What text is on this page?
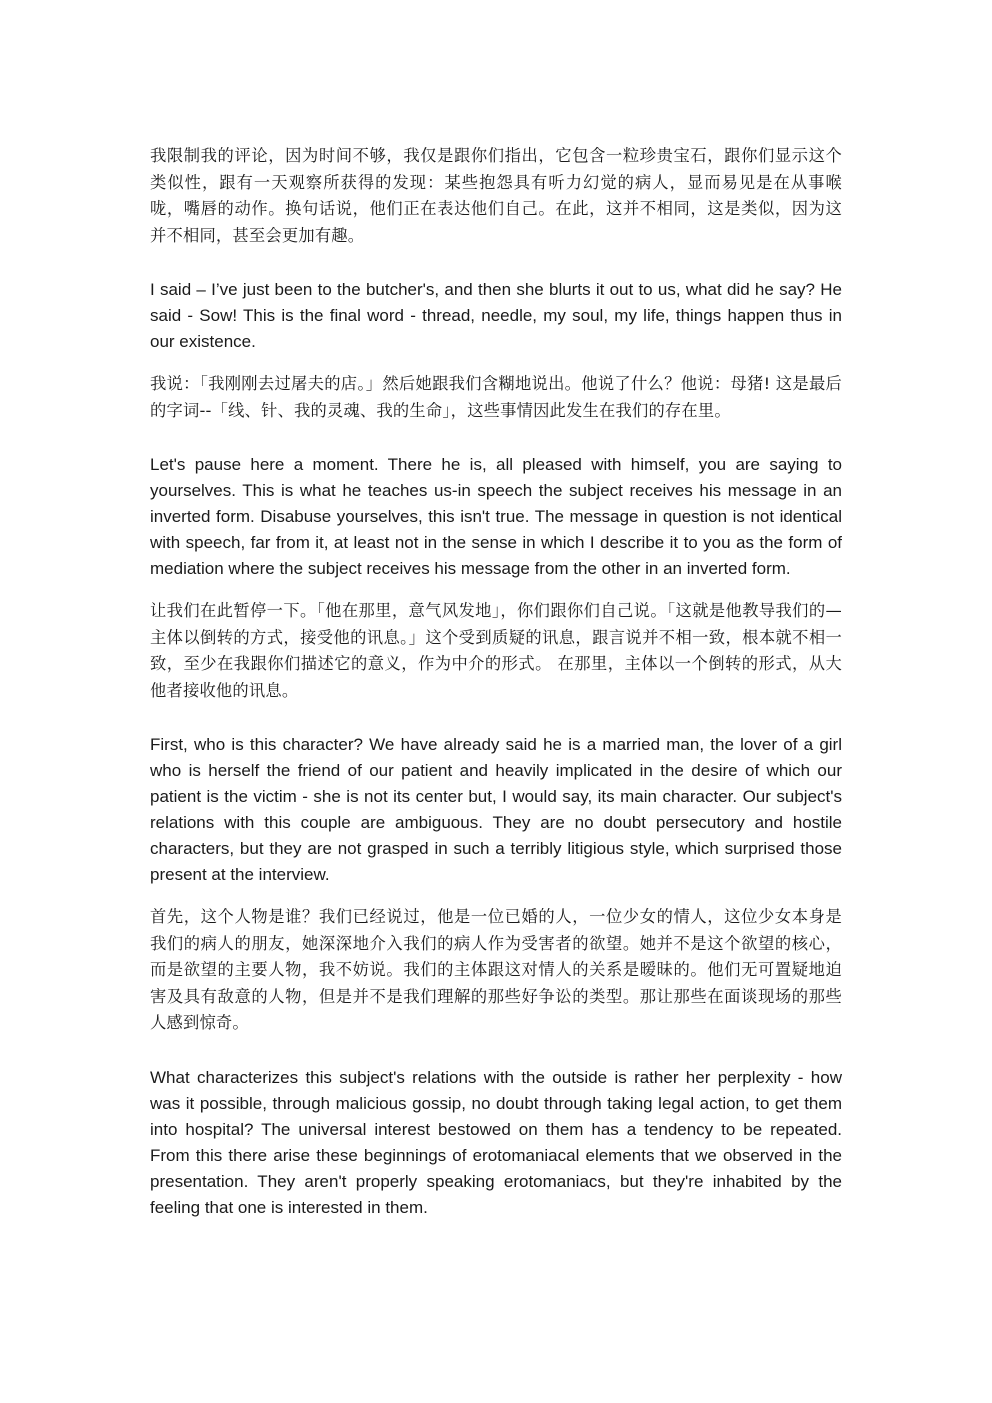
我限制我的评论，因为时间不够，我仅是跟你们指出，它包含一粒珍贵宝石，跟你们显示这个类似性，跟有一天观察所获得的发现：某些抱怨具有听力幻觉的病人，显而易见是在从事喉咙，嘴唇的动作。换句话说，他们正在表达他们自己。在此，这并不相同，这是类似，因为这并不相同，甚至会更加有趣。

I said – I’ve just been to the butcher's, and then she blurts it out to us, what did he say? He said - Sow! This is the final word - thread, needle, my soul, my life, things happen thus in our existence.

我说：「我刚刚去过屠夫的店。」然后她跟我们含糊地说出。他说了什么？他说：母猪! 这是最后的字词--「线、针、我的灵魂、我的生命」，这些事情因此发生在我们的存在里。

Let's pause here a moment. There he is, all pleased with himself, you are saying to yourselves. This is what he teaches us-in speech the subject receives his message in an inverted form. Disabuse yourselves, this isn't true. The message in question is not identical with speech, far from it, at least not in the sense in which I describe it to you as the form of mediation where the subject receives his message from the other in an inverted form.

让我们在此暂停一下。「他在那里，意气风发地」，你们跟你们自己说。「这就是他教导我们的—主体以倒转的方式，接受他的讯息。」这个受到质疑的讯息，跟言说并不相一致，根本就不相一致，至少在我跟你们描述它的意义，作为中介的形式。 在那里，主体以一个倒转的形式，从大他者接收他的讯息。

First, who is this character? We have already said he is a married man, the lover of a girl who is herself the friend of our patient and heavily implicated in the desire of which our patient is the victim - she is not its center but, I would say, its main character. Our subject's relations with this couple are ambiguous. They are no doubt persecutory and hostile characters, but they are not grasped in such a terribly litigious style, which surprised those present at the interview.

首先，这个人物是谁？我们已经说过，他是一位已婚的人，一位少女的情人，这位少女本身是我们的病人的朋友，她深深地介入我们的病人作为受害者的欲望。她并不是这个欲望的核心，而是欲望的主要人物，我不妨说。我们的主体跟这对情人的关系是暧昧的。他们无可置疑地迫害及具有敌意的人物，但是并不是我们理解的那些好争讼的类型。那让那些在面谈现场的那些人感到惊奇。

What characterizes this subject's relations with the outside is rather her perplexity - how was it possible, through malicious gossip, no doubt through taking legal action, to get them into hospital? The universal interest bestowed on them has a tendency to be repeated. From this there arise these beginnings of erotomaniacal elements that we observed in the presentation. They aren't properly speaking erotomaniacs, but they're inhabited by the feeling that one is interested in them.
